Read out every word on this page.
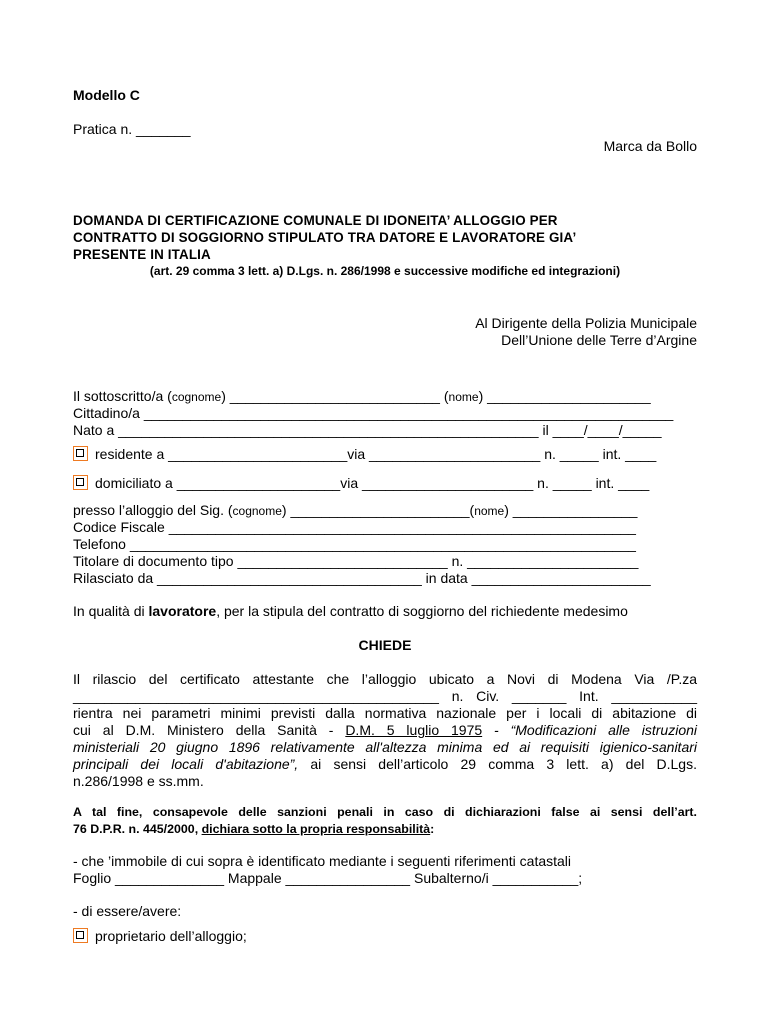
Modello C
Pratica n. _______
Marca da Bollo
DOMANDA DI CERTIFICAZIONE COMUNALE DI IDONEITA’ ALLOGGIO PER
CONTRATTO DI SOGGIORNO STIPULATO TRA DATORE E LAVORATORE GIA’
PRESENTE IN ITALIA
(art. 29 comma 3 lett. a) D.Lgs. n. 286/1998 e successive modifiche ed integrazioni)
Al Dirigente della Polizia Municipale
Dell’Unione delle Terre d’Argine
Il sottoscritto/a (cognome) ___________________________ (nome) _____________________
Cittadino/a ____________________________________________________________________
Nato a ______________________________________________________ il ____/____/_____
residente a _______________________via ______________________ n. _____ int. ____
domiciliato a _____________________via ______________________ n. _____ int. ____
presso l’alloggio del Sig. (cognome) _______________________(nome) ________________
Codice Fiscale ____________________________________________________________
Telefono _________________________________________________________________
Titolare di documento tipo ___________________________ n. ______________________
Rilasciato da __________________________________ in data _______________________
In qualità di lavoratore, per la stipula del contratto di soggiorno del richiedente medesimo
CHIEDE
Il rilascio del certificato attestante che l’alloggio ubicato a Novi di Modena Via /P.za
_______________________________________________ n. Civ. _______ Int. ___________
rientra nei parametri minimi previsti dalla normativa nazionale per i locali di abitazione di
cui al D.M. Ministero della Sanità - D.M. 5 luglio 1975 - “Modificazioni alle istruzioni
ministeriali 20 giugno 1896 relativamente all'altezza minima ed ai requisiti igienico-sanitari
principali dei locali d'abitazione”, ai sensi dell’articolo 29 comma 3 lett. a) del D.Lgs.
n.286/1998 e ss.mm.
A tal fine, consapevole delle sanzioni penali in caso di dichiarazioni false ai sensi dell’art.
76 D.P.R. n. 445/2000, dichiara sotto la propria responsabilità:
- che ’immobile di cui sopra è identificato mediante i seguenti riferimenti catastali
Foglio ______________ Mappale ________________ Subalterno/i ___________;
- di essere/avere:
proprietario dell’alloggio;
